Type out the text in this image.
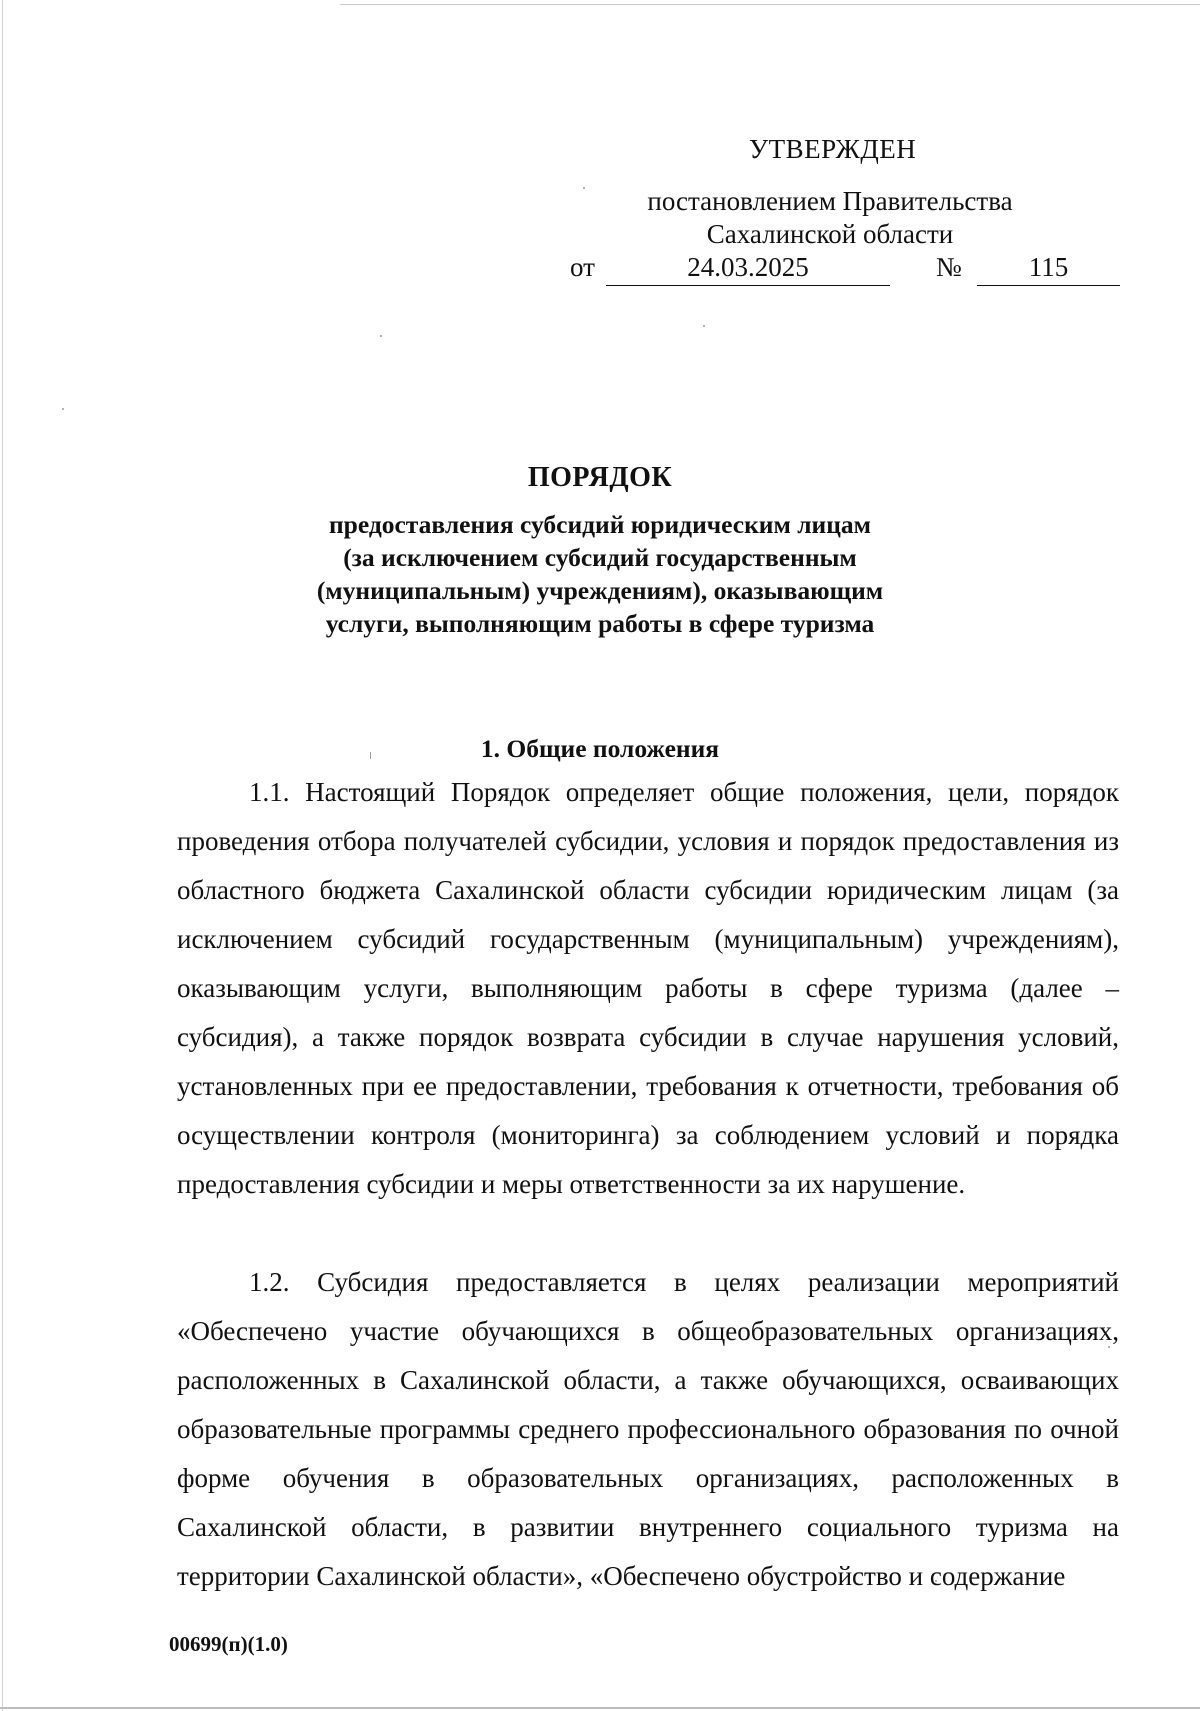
УТВЕРЖДЕН
постановлением Правительства
Сахалинской области
от	24.03.2025	№	115
ПОРЯДОК
предоставления субсидий юридическим лицам
(за исключением субсидий государственным
(муниципальным) учреждениям), оказывающим
услуги, выполняющим работы в сфере туризма
1. Общие положения

1.1. Настоящий Порядок определяет общие положения, цели, порядок проведения отбора получателей субсидии, условия и порядок предоставления из областного бюджета Сахалинской области субсидии юридическим лицам (за исключением субсидий государственным (муниципальным) учреждениям), оказывающим услуги, выполняющим работы в сфере туризма (далее – субсидия), а также порядок возврата субсидии в случае нарушения условий, установленных при ее предоставлении, требования к отчетности, требования об осуществлении контроля (мониторинга) за соблюдением условий и порядка предоставления субсидии и меры ответственности за их нарушение.

1.2. Субсидия предоставляется в целях реализации мероприятий «Обеспечено участие обучающихся в общеобразовательных организациях, расположенных в Сахалинской области, а также обучающихся, осваивающих образовательные программы среднего профессионального образования по очной форме обучения в образовательных организациях, расположенных в Сахалинской области, в развитии внутреннего социального туризма на территории Сахалинской области», «Обеспечено обустройство и содержание

00699(п)(1.0)
